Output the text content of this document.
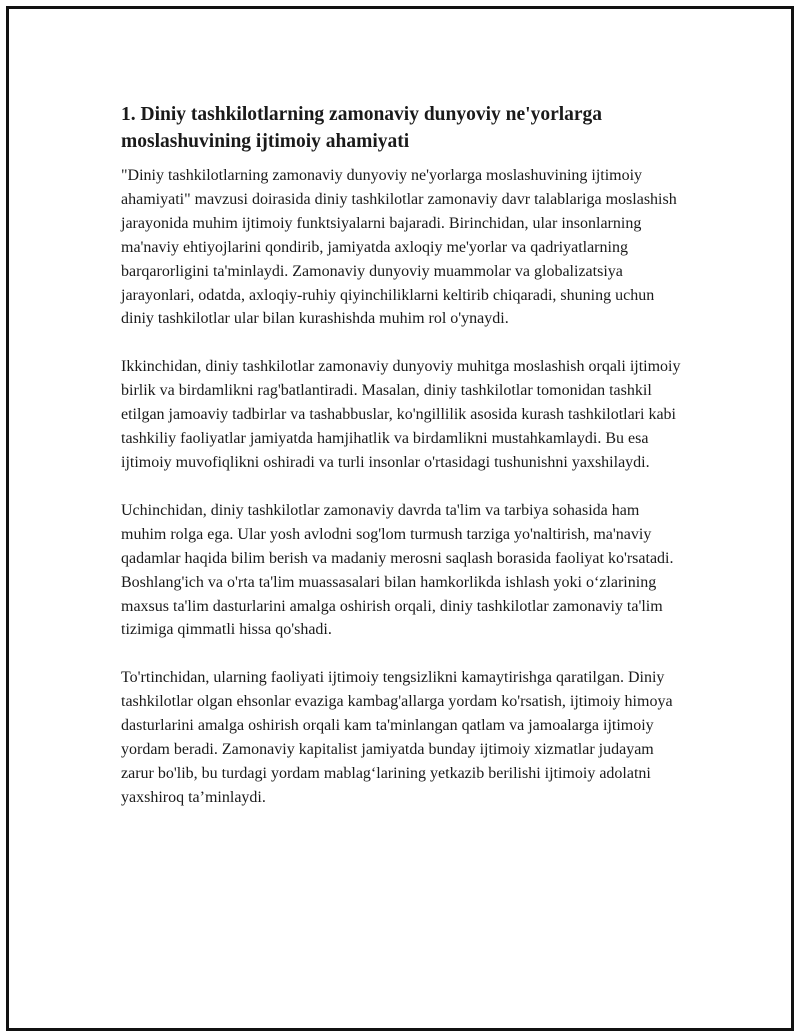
1. Diniy tashkilotlarning zamonaviy dunyoviy ne'yorlarga moslashuvining ijtimoiy ahamiyati

"Diniy tashkilotlarning zamonaviy dunyoviy ne'yorlarga moslashuvining ijtimoiy ahamiyati" mavzusi doirasida diniy tashkilotlar zamonaviy davr talablariga moslashish jarayonida muhim ijtimoiy funktsiyalarni bajaradi. Birinchidan, ular insonlarning ma'naviy ehtiyojlarini qondirib, jamiyatda axloqiy me'yorlar va qadriyatlarning barqarorligini ta'minlaydi. Zamonaviy dunyoviy muammolar va globalizatsiya jarayonlari, odatda, axloqiy-ruhiy qiyinchiliklarni keltirib chiqaradi, shuning uchun diniy tashkilotlar ular bilan kurashishda muhim rol o'ynaydi.

Ikkinchidan, diniy tashkilotlar zamonaviy dunyoviy muhitga moslashish orqali ijtimoiy birlik va birdamlikni rag'batlantiradi. Masalan, diniy tashkilotlar tomonidan tashkil etilgan jamoaviy tadbirlar va tashabbuslar, ko'ngillilik asosida kurash tashkilotlari kabi tashkiliy faoliyatlar jamiyatda hamjihatlik va birdamlikni mustahkamlaydi. Bu esa ijtimoiy muvofiqlikni oshiradi va turli insonlar o'rtasidagi tushunishni yaxshilaydi.

Uchinchidan, diniy tashkilotlar zamonaviy davrda ta'lim va tarbiya sohasida ham muhim rolga ega. Ular yosh avlodni sog'lom turmush tarziga yo'naltirish, ma'naviy qadamlar haqida bilim berish va madaniy merosni saqlash borasida faoliyat ko'rsatadi. Boshlang'ich va o'rta ta'lim muassasalari bilan hamkorlikda ishlash yoki o‘zlarining maxsus ta'lim dasturlarini amalga oshirish orqali, diniy tashkilotlar zamonaviy ta'lim tizimiga qimmatli hissa qo'shadi.

To'rtinchidan, ularning faoliyati ijtimoiy tengsizlikni kamaytirishga qaratilgan. Diniy tashkilotlar olgan ehsonlar evaziga kambag'allarga yordam ko'rsatish, ijtimoiy himoya dasturlarini amalga oshirish orqali kam ta'minlangan qatlam va jamoalarga ijtimoiy yordam beradi. Zamonaviy kapitalist jamiyatda bunday ijtimoiy xizmatlar judayam zarur bo'lib, bu turdagi yordam mablag‘larining yetkazib berilishi ijtimoiy adolatni yaxshiroq ta’minlaydi.
